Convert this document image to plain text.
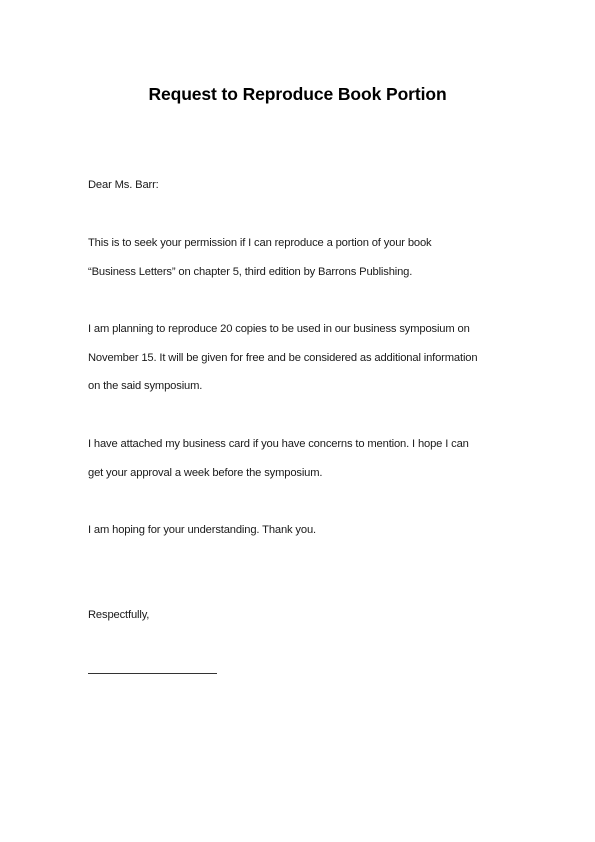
Request to Reproduce Book Portion
Dear Ms. Barr:
This is to seek your permission if I can reproduce a portion of your book
“Business Letters” on chapter 5, third edition by Barrons Publishing.
I am planning to reproduce 20 copies to be used in our business symposium on
November 15. It will be given for free and be considered as additional information
on the said symposium.
I have attached my business card if you have concerns to mention. I hope I can
get your approval a week before the symposium.
I am hoping for your understanding. Thank you.
Respectfully,
